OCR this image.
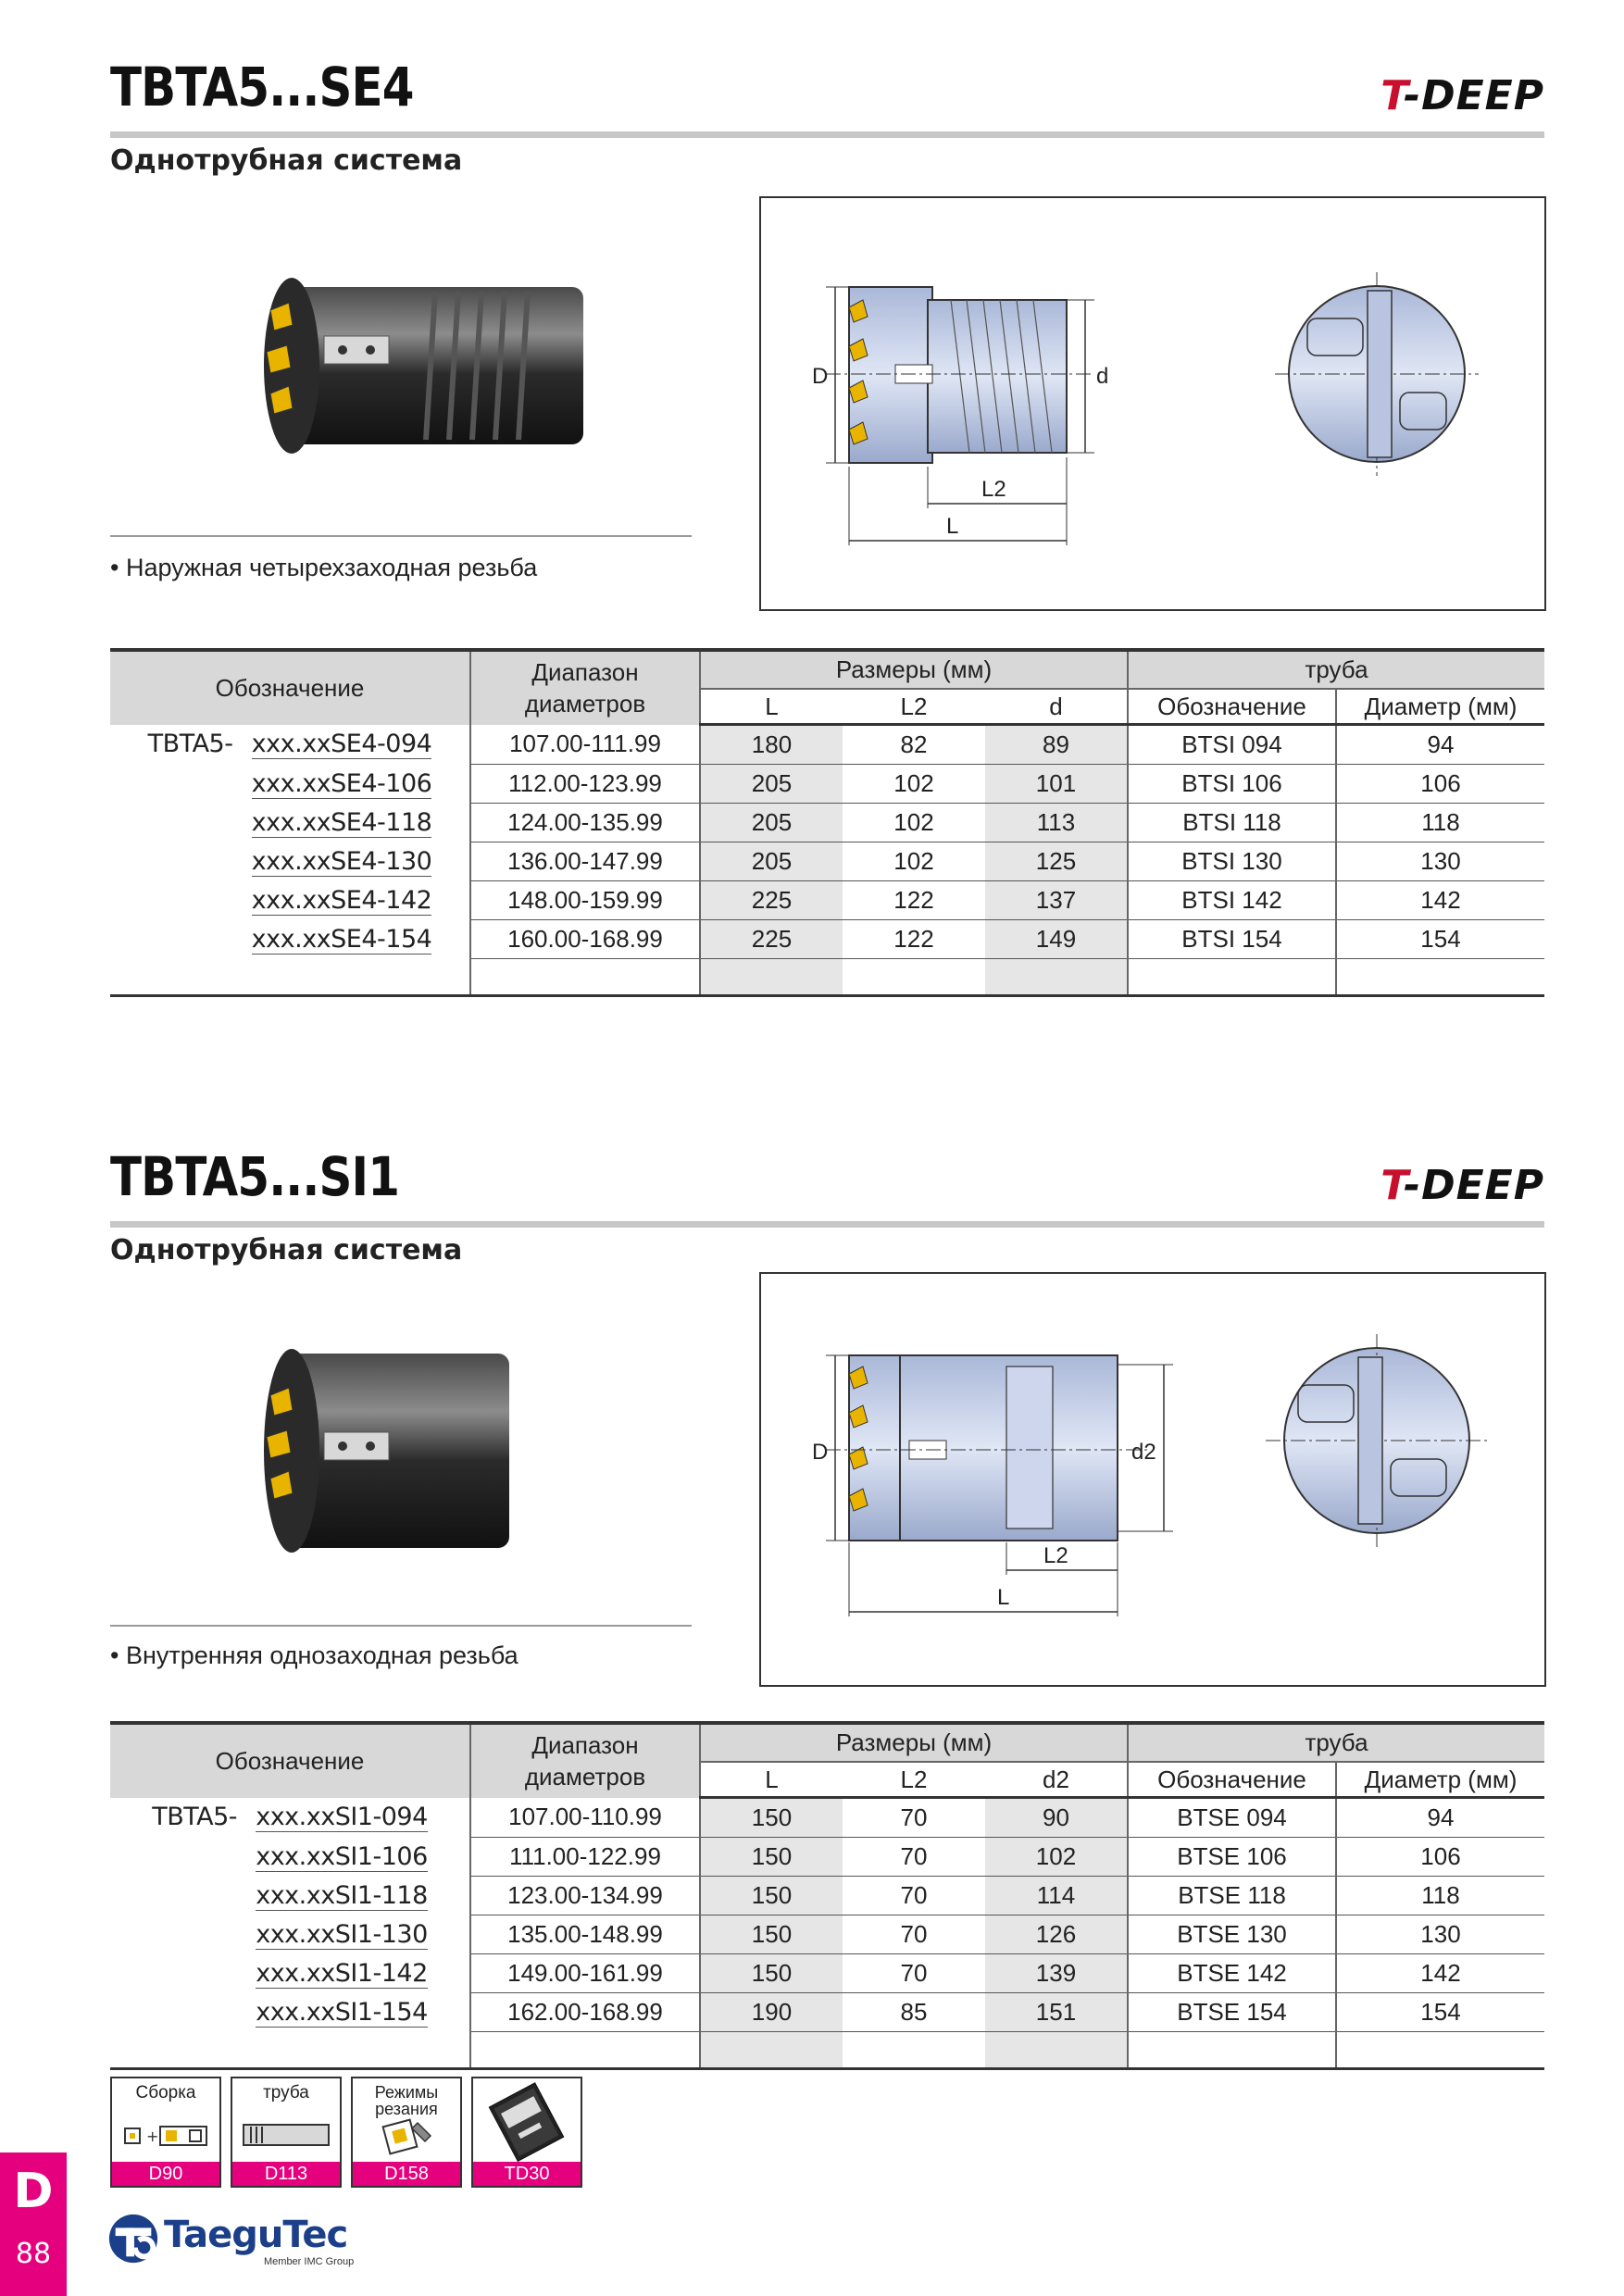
TBTA5...SE4	T-DEEP
Однотрубная система

• Наружная четырехзаходная резьба

D	d
L2
L
Обозначение	Диапазон диаметров	Размеры (мм)			труба	
		L	L2	d	Обозначение	Диаметр (мм)
TBTA5- xxx.xxSE4-094	107.00-111.99	180	82	89	BTSI 094	94
xxx.xxSE4-106	112.00-123.99	205	102	101	BTSI 106	106
xxx.xxSE4-118	124.00-135.99	205	102	113	BTSI 118	118
xxx.xxSE4-130	136.00-147.99	205	102	125	BTSI 130	130
xxx.xxSE4-142	148.00-159.99	225	122	137	BTSI 142	142
xxx.xxSE4-154	160.00-168.99	225	122	149	BTSI 154	154

TBTA5...SI1	T-DEEP
Однотрубная система

• Внутренняя однозаходная резьба

D	d2
L2
L
Обозначение	Диапазон диаметров	Размеры (мм)			труба	
		L	L2	d2	Обозначение	Диаметр (мм)
TBTA5- xxx.xxSI1-094	107.00-110.99	150	70	90	BTSE 094	94
xxx.xxSI1-106	111.00-122.99	150	70	102	BTSE 106	106
xxx.xxSI1-118	123.00-134.99	150	70	114	BTSE 118	118
xxx.xxSI1-130	135.00-148.99	150	70	126	BTSE 130	130
xxx.xxSI1-142	149.00-161.99	150	70	139	BTSE 142	142
xxx.xxSI1-154	162.00-168.99	190	85	151	BTSE 154	154

Сборка
+
D90
труба
D113
Режимы резания
D158	TD30
D
88	TaeguTec
Member IMC Group
